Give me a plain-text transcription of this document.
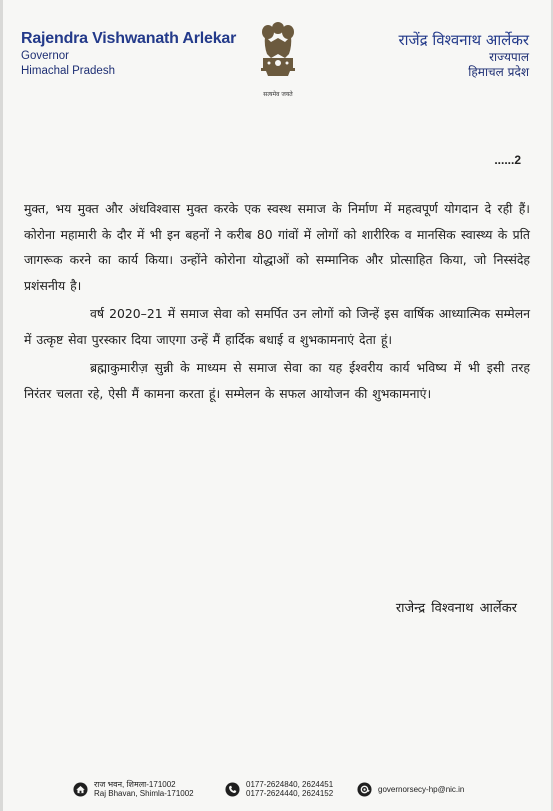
Rajendra Vishwanath Arlekar
Governor
Himachal Pradesh
सत्यमेव जयते
राजेंद्र विश्वनाथ आर्लेकर
राज्यपाल
हिमाचल प्रदेश
......2

मुक्त, भय मुक्त और अंधविश्वास मुक्त करके एक स्वस्थ समाज के निर्माण में महत्वपूर्ण योगदान दे रही हैं। कोरोना महामारी के दौर में भी इन बहनों ने करीब 80 गांवों में लोगों को शारीरिक व मानसिक स्वास्थ्य के प्रति जागरूक करने का कार्य किया। उन्होंने कोरोना योद्धाओं को सम्मानिक और प्रोत्साहित किया, जो निस्संदेह प्रशंसनीय है।

वर्ष 2020–21 में समाज सेवा को समर्पित उन लोगों को जिन्हें इस वार्षिक आध्यात्मिक सम्मेलन में उत्कृष्ट सेवा पुरस्कार दिया जाएगा उन्हें मैं हार्दिक बधाई व शुभकामनाएं देता हूं।

ब्रह्माकुमारीज़ सुन्नी के माध्यम से समाज सेवा का यह ईश्वरीय कार्य भविष्य में भी इसी तरह निरंतर चलता रहे, ऐसी मैं कामना करता हूं। सम्मेलन के सफल आयोजन की शुभकामनाएं।

राजेन्द्र विश्वनाथ आर्लेकर
राज भवन, शिमला-171002
Raj Bhavan, Shimla-171002
0177-2624840, 2624451
0177-2624440, 2624152	governorsecy-hp@nic.in
